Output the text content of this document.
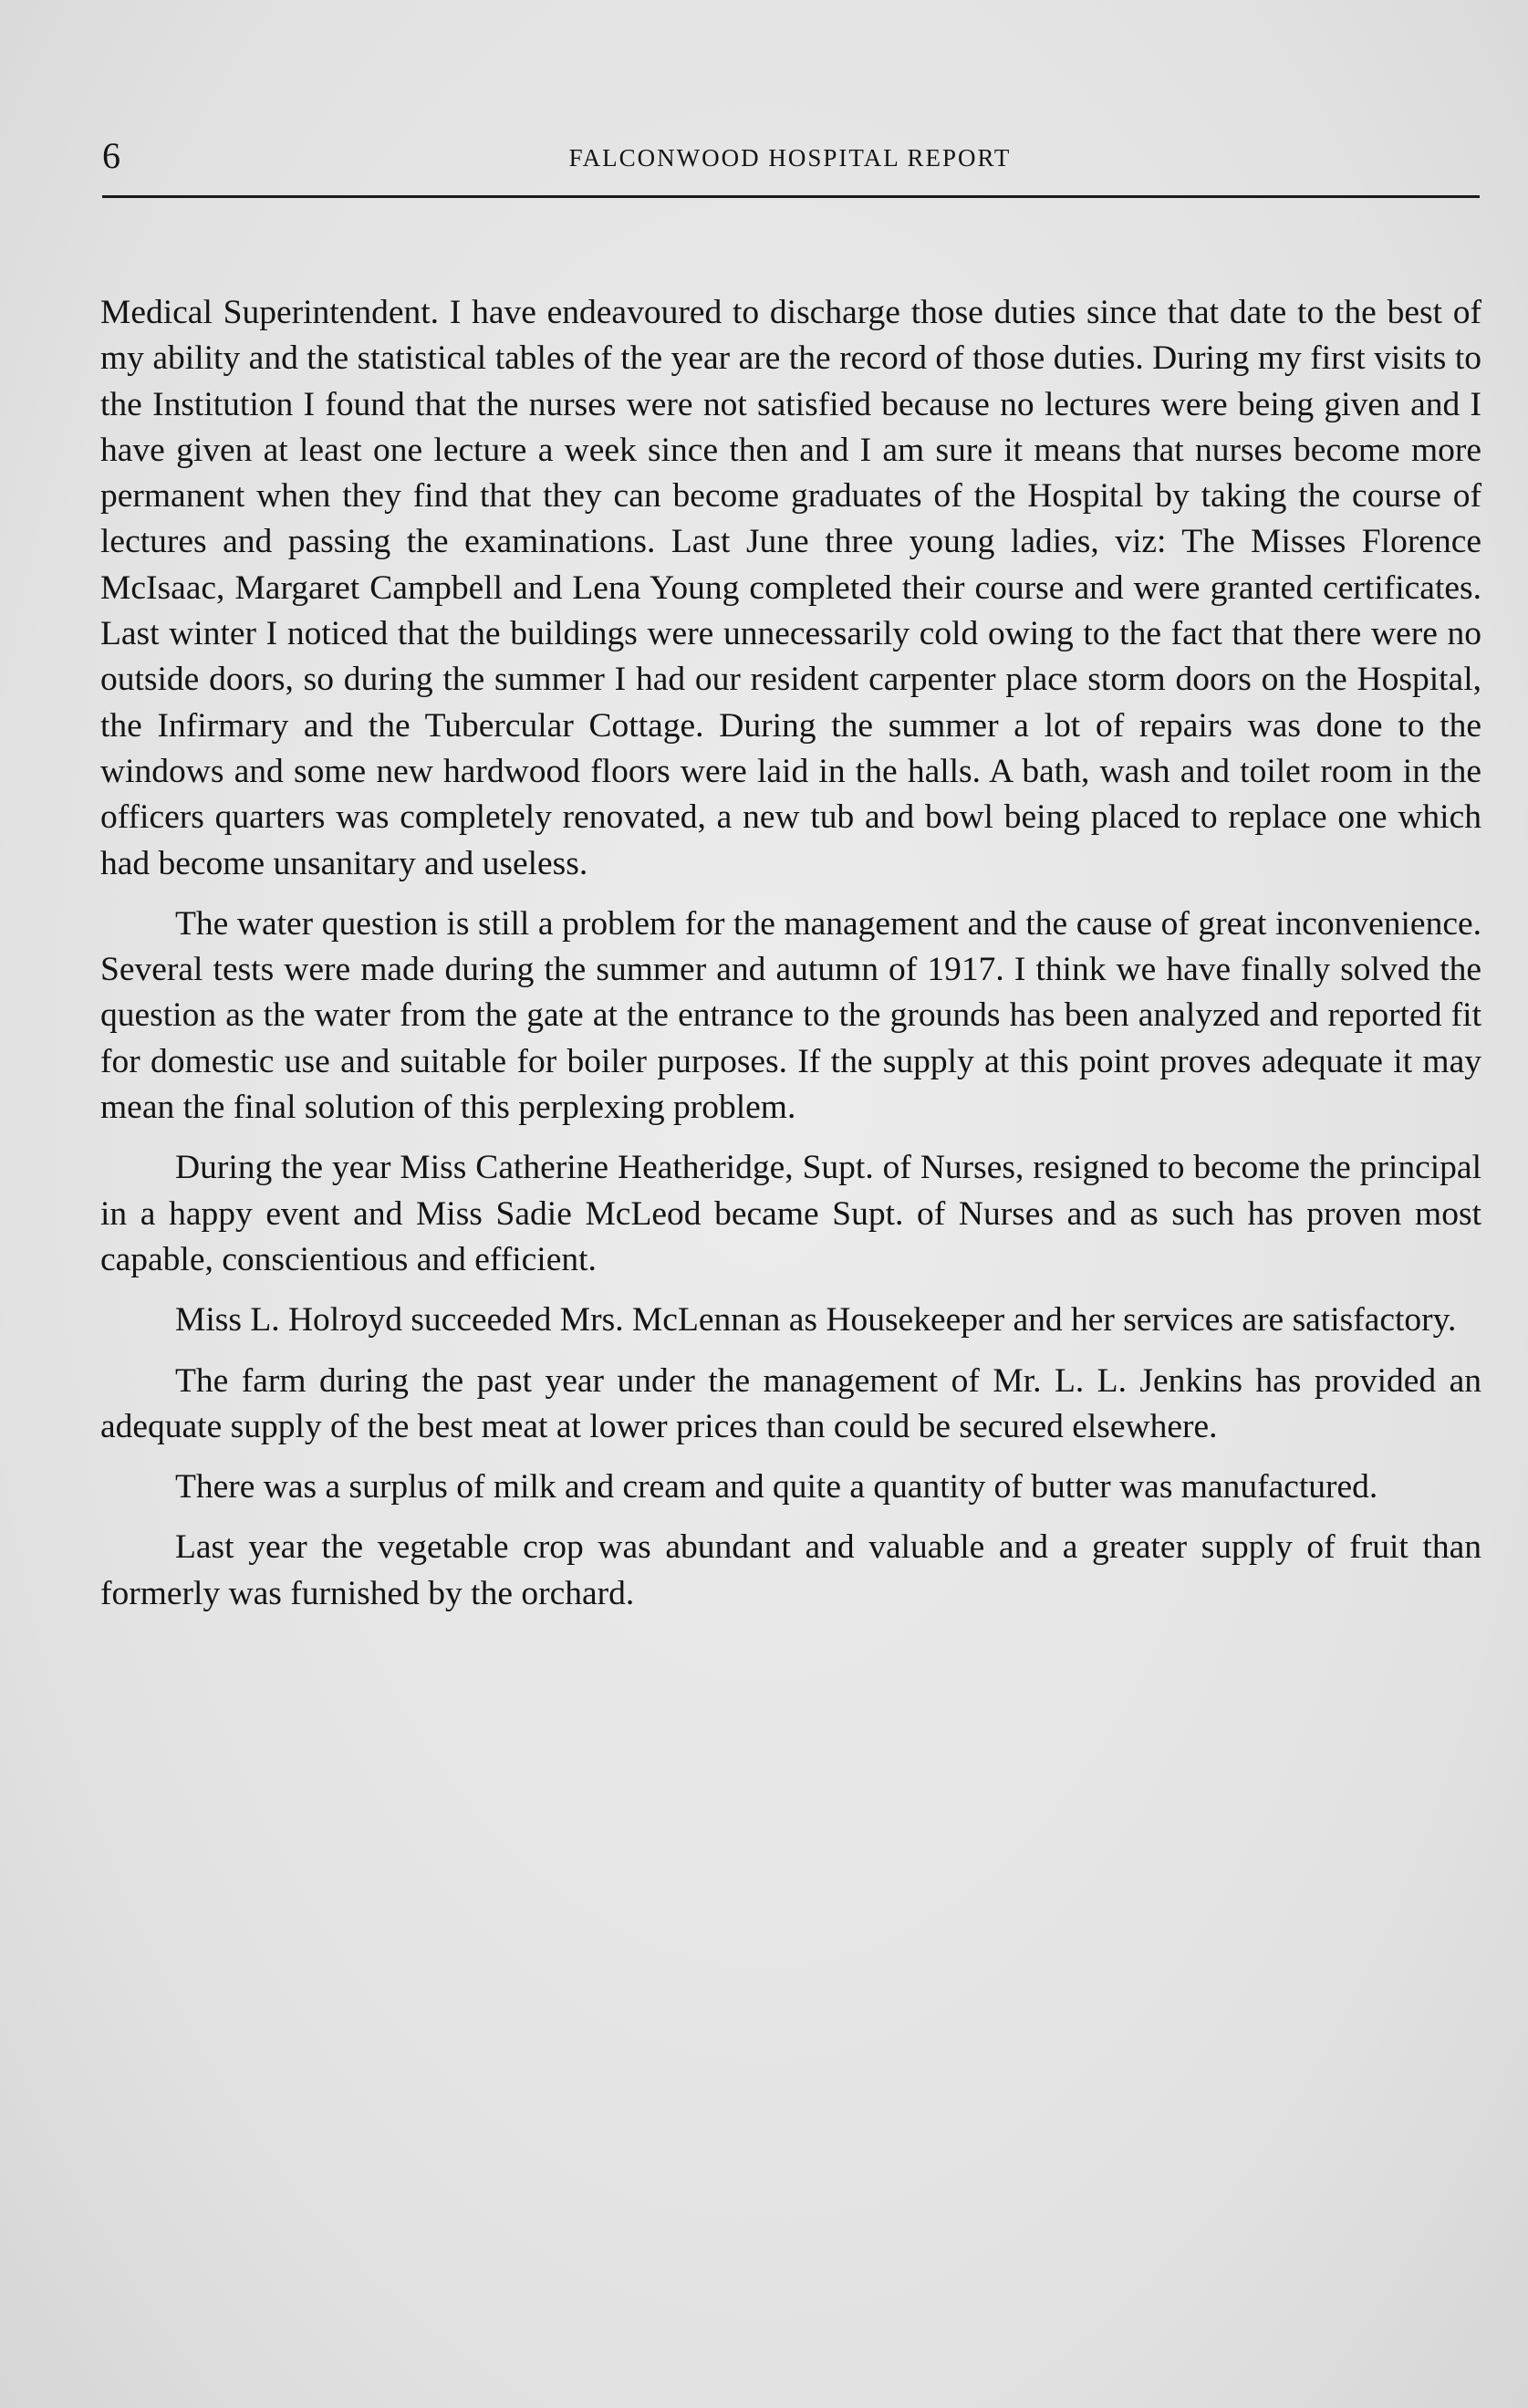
6	FALCONWOOD HOSPITAL REPORT

Medical Superintendent. I have endeavoured to discharge those duties since that date to the best of my ability and the statistical tables of the year are the record of those duties. During my first visits to the Institution I found that the nurses were not satisfied because no lectures were being given and I have given at least one lecture a week since then and I am sure it means that nurses become more permanent when they find that they can become graduates of the Hospital by taking the course of lectures and passing the examinations. Last June three young ladies, viz: The Misses Florence McIsaac, Margaret Campbell and Lena Young completed their course and were granted certificates. Last winter I noticed that the buildings were unnecessarily cold owing to the fact that there were no outside doors, so during the summer I had our resident carpenter place storm doors on the Hospital, the Infirmary and the Tubercular Cottage. During the summer a lot of repairs was done to the windows and some new hardwood floors were laid in the halls. A bath, wash and toilet room in the officers quarters was completely renovated, a new tub and bowl being placed to replace one which had become unsanitary and useless.

The water question is still a problem for the management and the cause of great inconvenience. Several tests were made during the summer and autumn of 1917. I think we have finally solved the question as the water from the gate at the entrance to the grounds has been analyzed and reported fit for domestic use and suitable for boiler purposes. If the supply at this point proves adequate it may mean the final solution of this perplexing problem.

During the year Miss Catherine Heatheridge, Supt. of Nurses, resigned to become the principal in a happy event and Miss Sadie McLeod became Supt. of Nurses and as such has proven most capable, conscientious and efficient.

Miss L. Holroyd succeeded Mrs. McLennan as Housekeeper and her services are satisfactory.

The farm during the past year under the management of Mr. L. L. Jenkins has provided an adequate supply of the best meat at lower prices than could be secured elsewhere.

There was a surplus of milk and cream and quite a quantity of butter was manufactured.

Last year the vegetable crop was abundant and valuable and a greater supply of fruit than formerly was furnished by the orchard.
